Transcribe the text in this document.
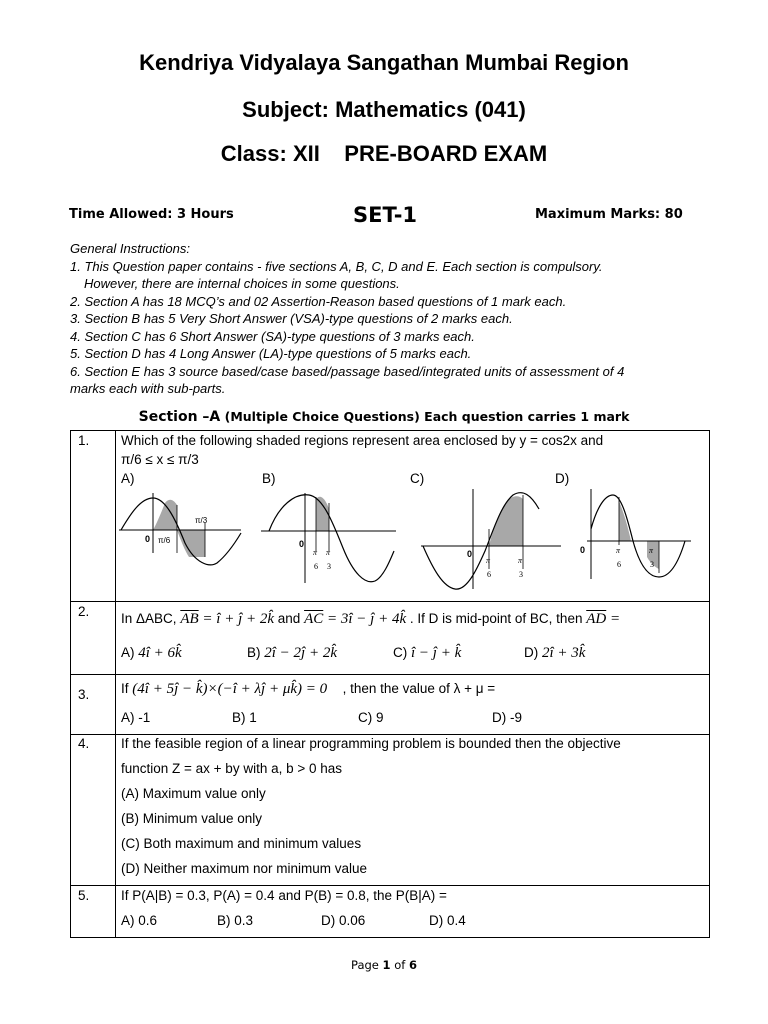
Kendriya Vidyalaya Sangathan Mumbai Region
Subject: Mathematics (041)
Class: XII    PRE-BOARD EXAM
Time Allowed: 3 Hours	SET-1	Maximum Marks: 80
General Instructions:
1. This Question paper contains - five sections A, B, C, D and E. Each section is compulsory.
However, there are internal choices in some questions.
2. Section A has 18 MCQ’s and 02 Assertion-Reason based questions of 1 mark each.
3. Section B has 5 Very Short Answer (VSA)-type questions of 2 marks each.
4. Section C has 6 Short Answer (SA)-type questions of 3 marks each.
5. Section D has 4 Long Answer (LA)-type questions of 5 marks each.
6. Section E has 3 source based/case based/passage based/integrated units of assessment of 4
marks each with sub-parts.
Section –A (Multiple Choice Questions) Each question carries 1 mark
1. Which of the following shaded regions represent area enclosed by y = cos2x and
π/6 ≤ x ≤ π/3
A)	B)	C)	D)
0 π/6
π/3
0
π
6
π
3
0
π
6
π
3
0	π
6
π
3
2. In ΔABC, $\overline{AB}$ = î + ĵ + 2k̂ and $\overline{AC}$ = 3î − ĵ + 4k̂ . If D is mid-point of BC, then $\overline{AD}$ =
A) 4î + 6k̂	B) 2î − 2ĵ + 2k̂	C) î − ĵ + k̂	D) 2î + 3k̂
3. If (4î + 5ĵ − k̂)×(−î + λĵ + μk̂) = 0⃗ , then the value of λ + μ =
A) -1	B) 1	C) 9	D) -9
4. If the feasible region of a linear programming problem is bounded then the objective
function Z = ax + by with a, b > 0 has
(A) Maximum value only
(B) Minimum value only
(C) Both maximum and minimum values
(D) Neither maximum nor minimum value
5. If P(A|B) = 0.3, P(A) = 0.4 and P(B) = 0.8, the P(B|A) =
A) 0.6	B) 0.3	D) 0.06	D) 0.4
Page 1 of 6
